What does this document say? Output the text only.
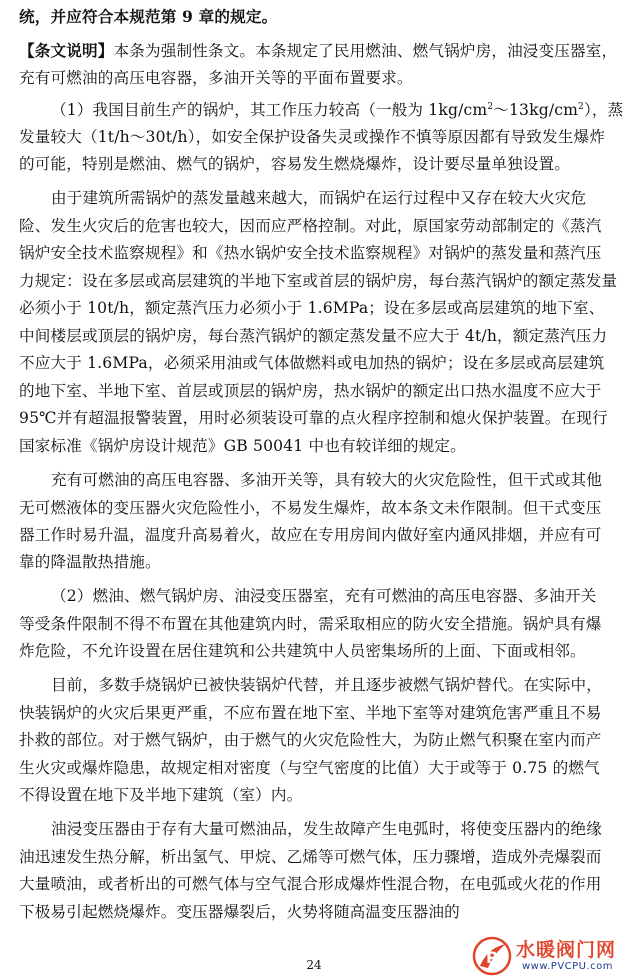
统，并应符合本规范第 9 章的规定。
【条文说明】本条为强制性条文。本条规定了民用燃油、燃气锅炉房，油浸变压器室，
充有可燃油的高压电容器，多油开关等的平面布置要求。
（1）我国目前生产的锅炉，其工作压力较高（一般为 $1kg/cm^2\sim 13kg/cm^2$），蒸
发量较大（1t/h～30t/h），如安全保护设备失灵或操作不慎等原因都有导致发生爆炸
的可能，特别是燃油、燃气的锅炉，容易发生燃烧爆炸，设计要尽量单独设置。
由于建筑所需锅炉的蒸发量越来越大，而锅炉在运行过程中又存在较大火灾危
险、发生火灾后的危害也较大，因而应严格控制。对此，原国家劳动部制定的《蒸汽
锅炉安全技术监察规程》和《热水锅炉安全技术监察规程》对锅炉的蒸发量和蒸汽压
力规定：设在多层或高层建筑的半地下室或首层的锅炉房，每台蒸汽锅炉的额定蒸发量
必须小于 10t/h，额定蒸汽压力必须小于 1.6MPa；设在多层或高层建筑的地下室、
中间楼层或顶层的锅炉房，每台蒸汽锅炉的额定蒸发量不应大于 4t/h，额定蒸汽压力
不应大于 1.6MPa，必须采用油或气体做燃料或电加热的锅炉；设在多层或高层建筑
的地下室、半地下室、首层或顶层的锅炉房，热水锅炉的额定出口热水温度不应大于
95℃并有超温报警装置，用时必须装设可靠的点火程序控制和熄火保护装置。在现行
国家标准《锅炉房设计规范》GB 50041 中也有较详细的规定。
充有可燃油的高压电容器、多油开关等，具有较大的火灾危险性，但干式或其他
无可燃液体的变压器火灾危险性小，不易发生爆炸，故本条文未作限制。但干式变压
器工作时易升温，温度升高易着火，故应在专用房间内做好室内通风排烟，并应有可
靠的降温散热措施。
（2）燃油、燃气锅炉房、油浸变压器室，充有可燃油的高压电容器、多油开关
等受条件限制不得不布置在其他建筑内时，需采取相应的防火安全措施。锅炉具有爆
炸危险，不允许设置在居住建筑和公共建筑中人员密集场所的上面、下面或相邻。
目前，多数手烧锅炉已被快装锅炉代替，并且逐步被燃气锅炉替代。在实际中，
快装锅炉的火灾后果更严重，不应布置在地下室、半地下室等对建筑危害严重且不易
扑救的部位。对于燃气锅炉，由于燃气的火灾危险性大，为防止燃气积聚在室内而产
生火灾或爆炸隐患，故规定相对密度（与空气密度的比值）大于或等于 0.75 的燃气
不得设置在地下及半地下建筑（室）内。
油浸变压器由于存有大量可燃油品，发生故障产生电弧时，将使变压器内的绝缘
油迅速发生热分解，析出氢气、甲烷、乙烯等可燃气体，压力骤增，造成外壳爆裂而
大量喷油，或者析出的可燃气体与空气混合形成爆炸性混合物，在电弧或火花的作用
下极易引起燃烧爆炸。变压器爆裂后，火势将随高温变压器油的
24	P 水暖阀门网
www.PVCPU.com
